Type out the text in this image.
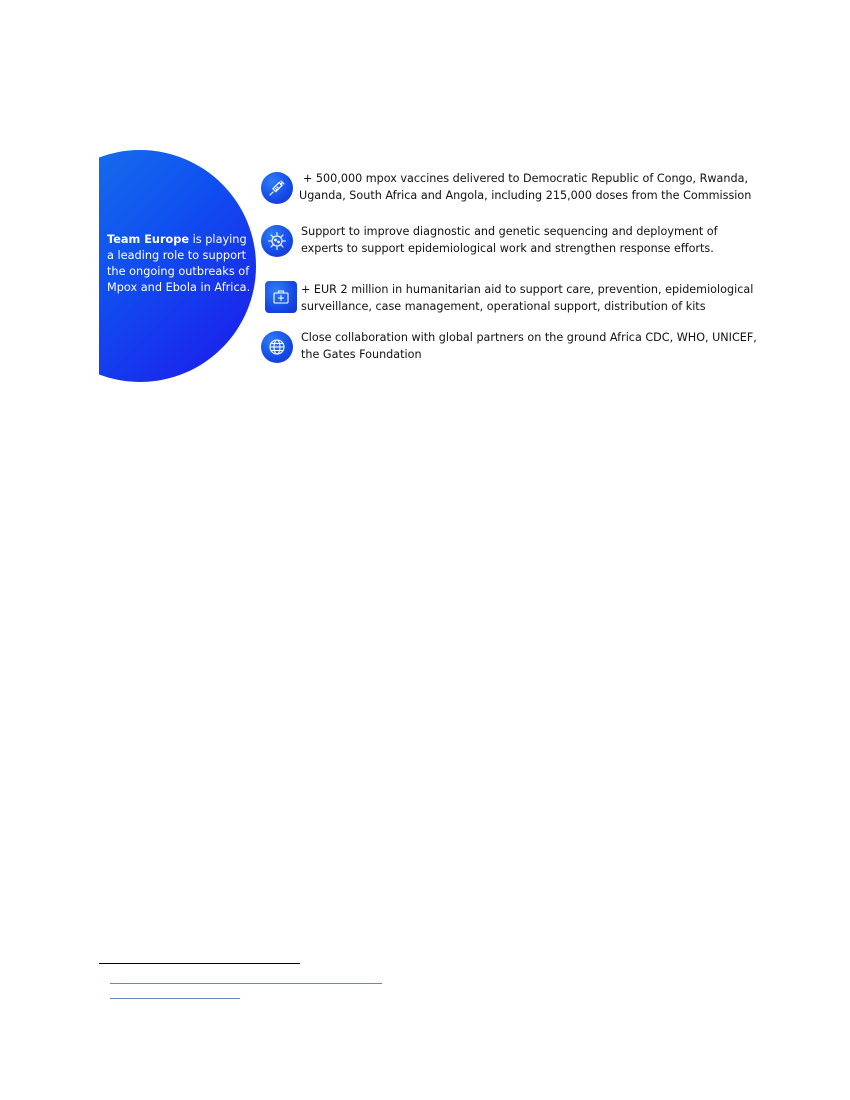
Team Europe is playing a leading role to support the ongoing outbreaks of Mpox and Ebola in Africa.
+ 500,000 mpox vaccines delivered to Democratic Republic of Congo, Rwanda,
Uganda, South Africa and Angola, including 215,000 doses from the Commission
Support to improve diagnostic and genetic sequencing and deployment of
experts to support epidemiological work and strengthen response efforts.
+ EUR 2 million in humanitarian aid to support care, prevention, epidemiological
surveillance, case management, operational support, distribution of kits
Close collaboration with global partners on the ground Africa CDC, WHO, UNICEF,
the Gates Foundation
